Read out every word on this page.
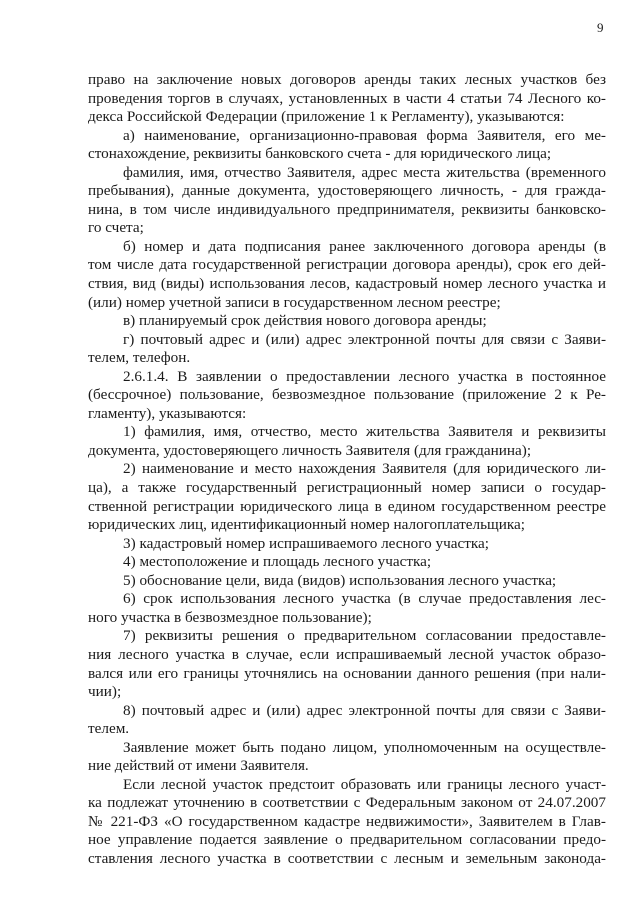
9
право на заключение новых договоров аренды таких лесных участков без
проведения торгов в случаях, установленных в части 4 статьи 74 Лесного ко-
декса Российской Федерации (приложение 1 к Регламенту), указываются:
а) наименование, организационно-правовая форма Заявителя, его ме-
стонахождение, реквизиты банковского счета - для юридического лица;
фамилия, имя, отчество Заявителя, адрес места жительства (временного
пребывания), данные документа, удостоверяющего личность, - для гражда-
нина, в том числе индивидуального предпринимателя, реквизиты банковско-
го счета;
б) номер и дата подписания ранее заключенного договора аренды (в
том числе дата государственной регистрации договора аренды), срок его дей-
ствия, вид (виды) использования лесов, кадастровый номер лесного участка и
(или) номер учетной записи в государственном лесном реестре;
в) планируемый срок действия нового договора аренды;
г) почтовый адрес и (или) адрес электронной почты для связи с Заяви-
телем, телефон.
2.6.1.4. В заявлении о предоставлении лесного участка в постоянное
(бессрочное) пользование, безвозмездное пользование (приложение 2 к Ре-
гламенту), указываются:
1) фамилия, имя, отчество, место жительства Заявителя и реквизиты
документа, удостоверяющего личность Заявителя (для гражданина);
2) наименование и место нахождения Заявителя (для юридического ли-
ца), а также государственный регистрационный номер записи о государ-
ственной регистрации юридического лица в едином государственном реестре
юридических лиц, идентификационный номер налогоплательщика;
3) кадастровый номер испрашиваемого лесного участка;
4) местоположение и площадь лесного участка;
5) обоснование цели, вида (видов) использования лесного участка;
6) срок использования лесного участка (в случае предоставления лес-
ного участка в безвозмездное пользование);
7) реквизиты решения о предварительном согласовании предоставле-
ния лесного участка в случае, если испрашиваемый лесной участок образо-
вался или его границы уточнялись на основании данного решения (при нали-
чии);
8) почтовый адрес и (или) адрес электронной почты для связи с Заяви-
телем.
Заявление может быть подано лицом, уполномоченным на осуществле-
ние действий от имени Заявителя.
Если лесной участок предстоит образовать или границы лесного участ-
ка подлежат уточнению в соответствии с Федеральным законом от 24.07.2007
№ 221-ФЗ «О государственном кадастре недвижимости», Заявителем в Глав-
ное управление подается заявление о предварительном согласовании предо-
ставления лесного участка в соответствии с лесным и земельным законода-
